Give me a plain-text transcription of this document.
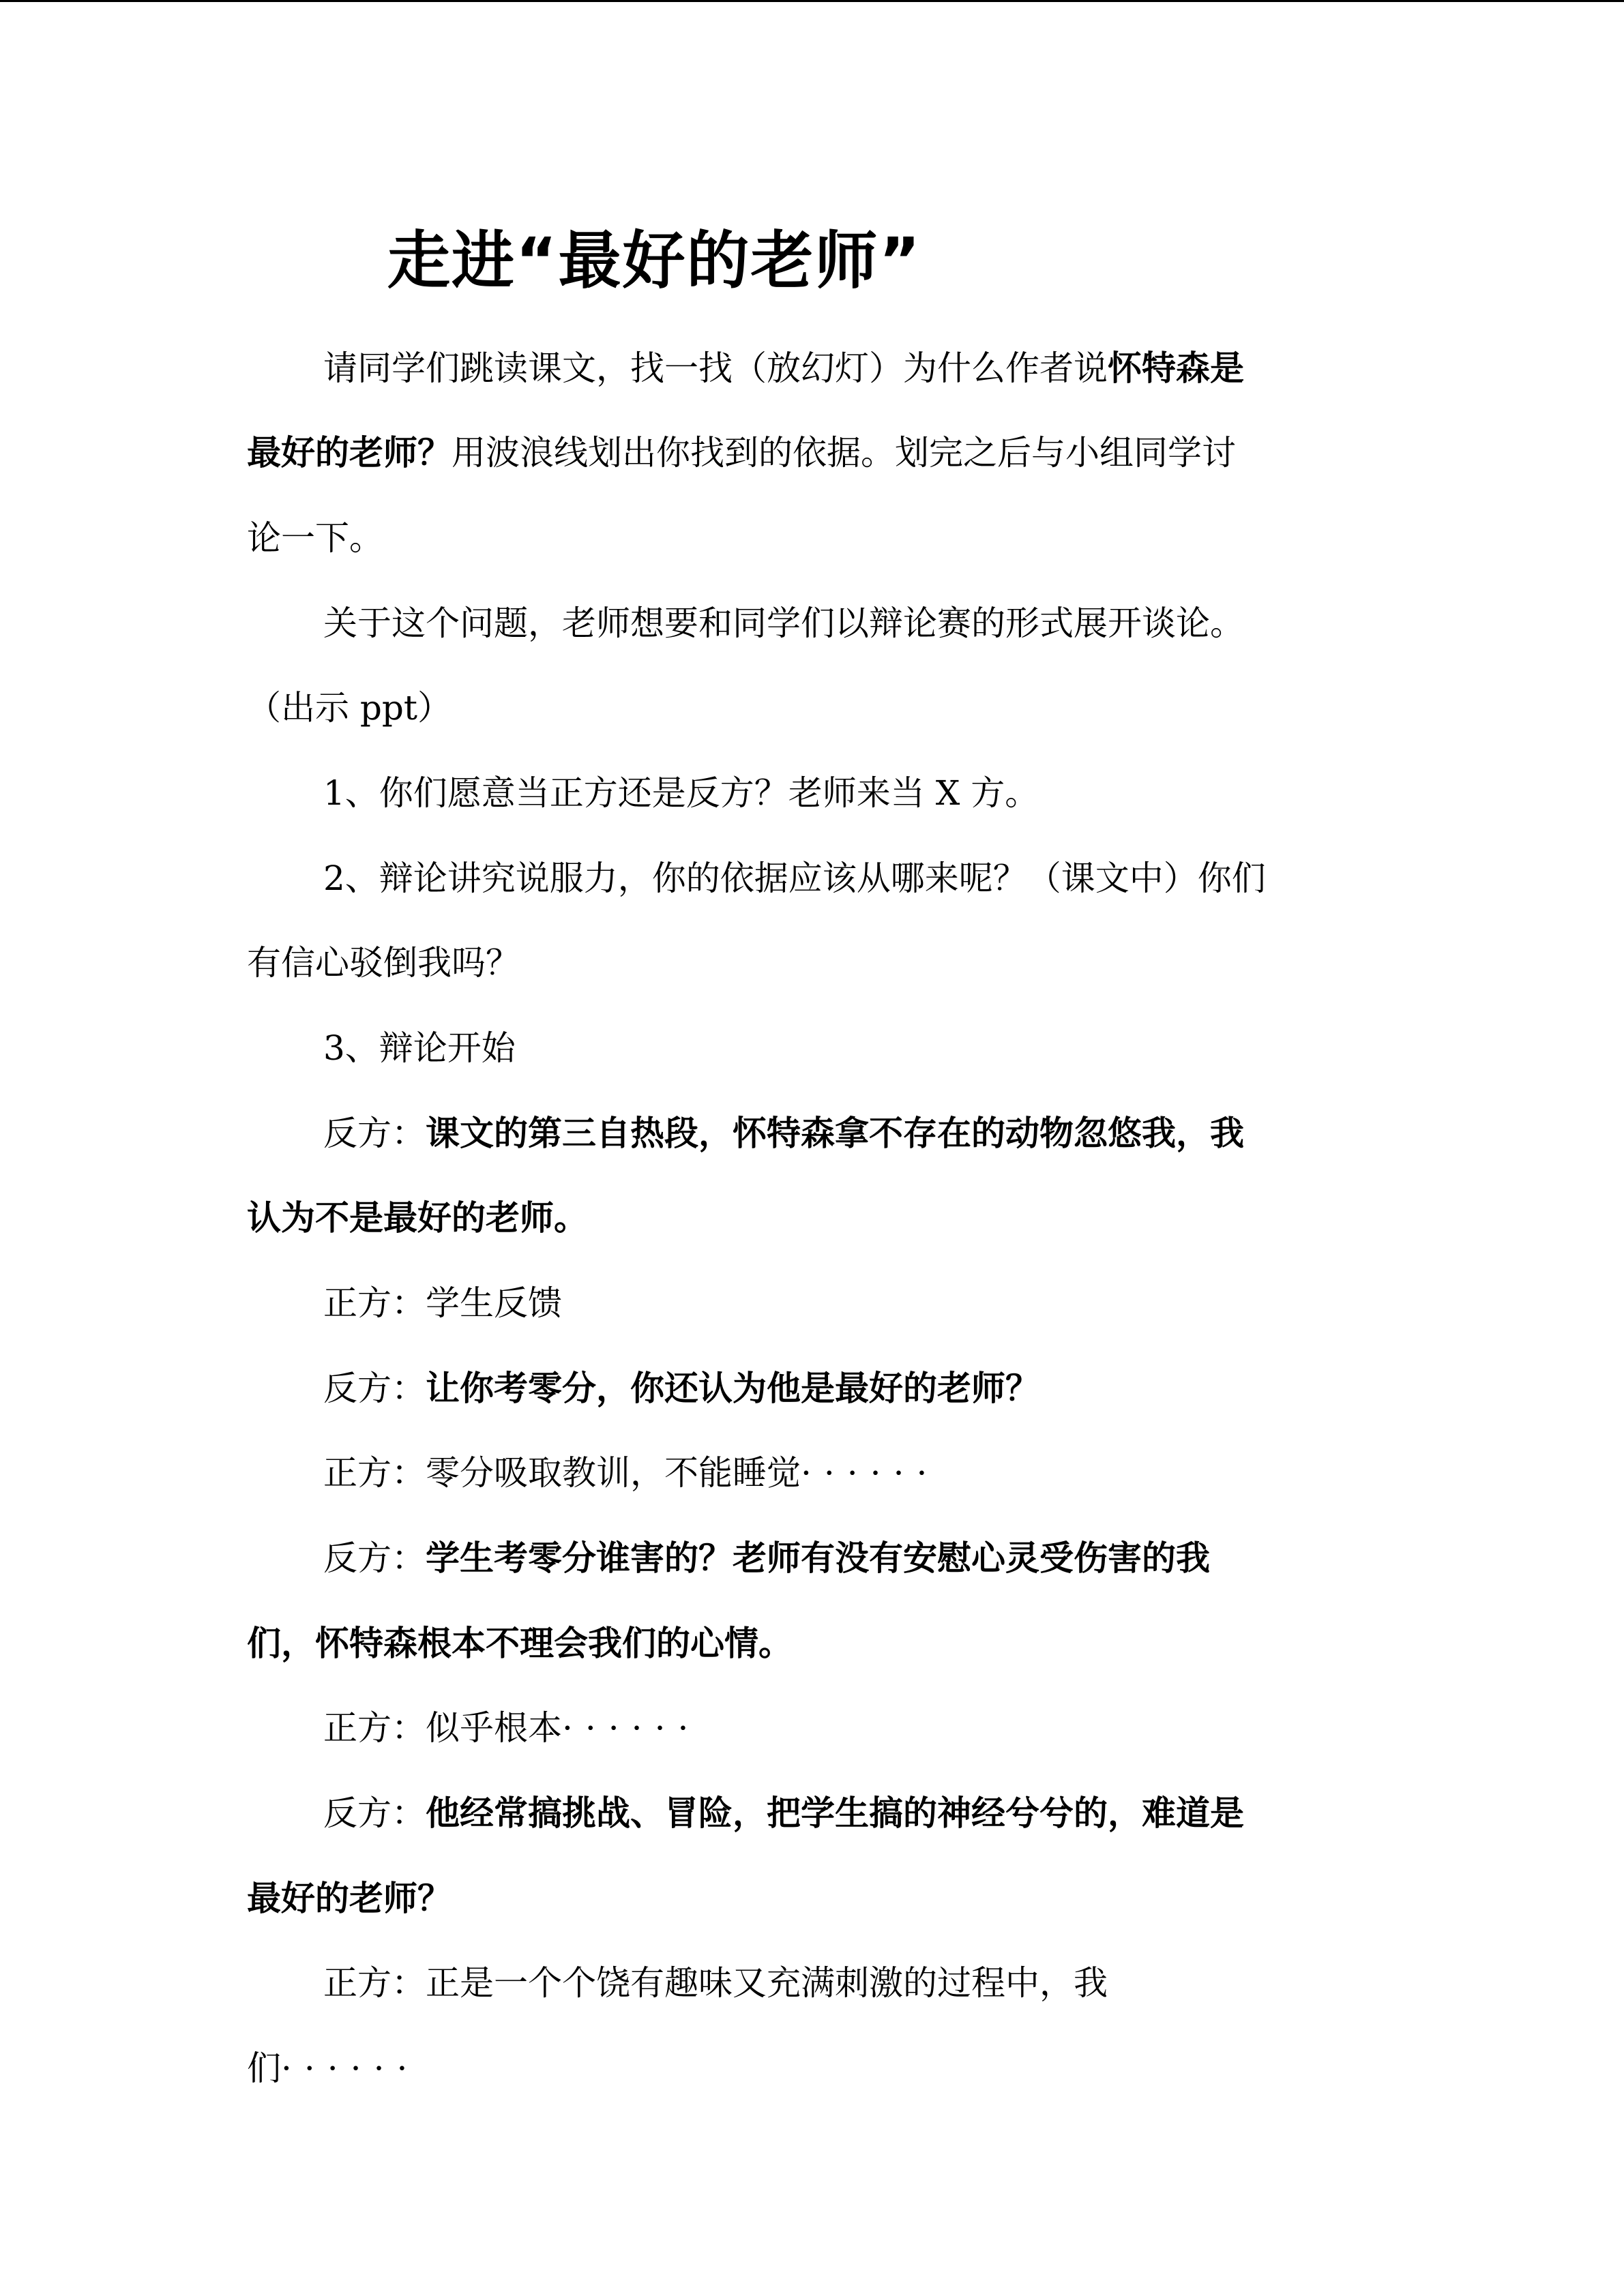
走进“最好的老师”
请同学们跳读课文，找一找（放幻灯）为什么作者说怀特森是
最好的老师？用波浪线划出你找到的依据。划完之后与小组同学讨
论一下。
关于这个问题，老师想要和同学们以辩论赛的形式展开谈论。
（出示 ppt）
1、你们愿意当正方还是反方？老师来当 X 方。
2、辩论讲究说服力，你的依据应该从哪来呢？（课文中）你们
有信心驳倒我吗？
3、辩论开始
反方：课文的第三自热段，怀特森拿不存在的动物忽悠我，我
认为不是最好的老师。
正方：学生反馈
反方：让你考零分，你还认为他是最好的老师？
正方：零分吸取教训，不能睡觉······
反方：学生考零分谁害的？老师有没有安慰心灵受伤害的我
们，怀特森根本不理会我们的心情。
正方：似乎根本······
反方：他经常搞挑战、冒险，把学生搞的神经兮兮的，难道是
最好的老师？
正方：正是一个个饶有趣味又充满刺激的过程中，我
们······
